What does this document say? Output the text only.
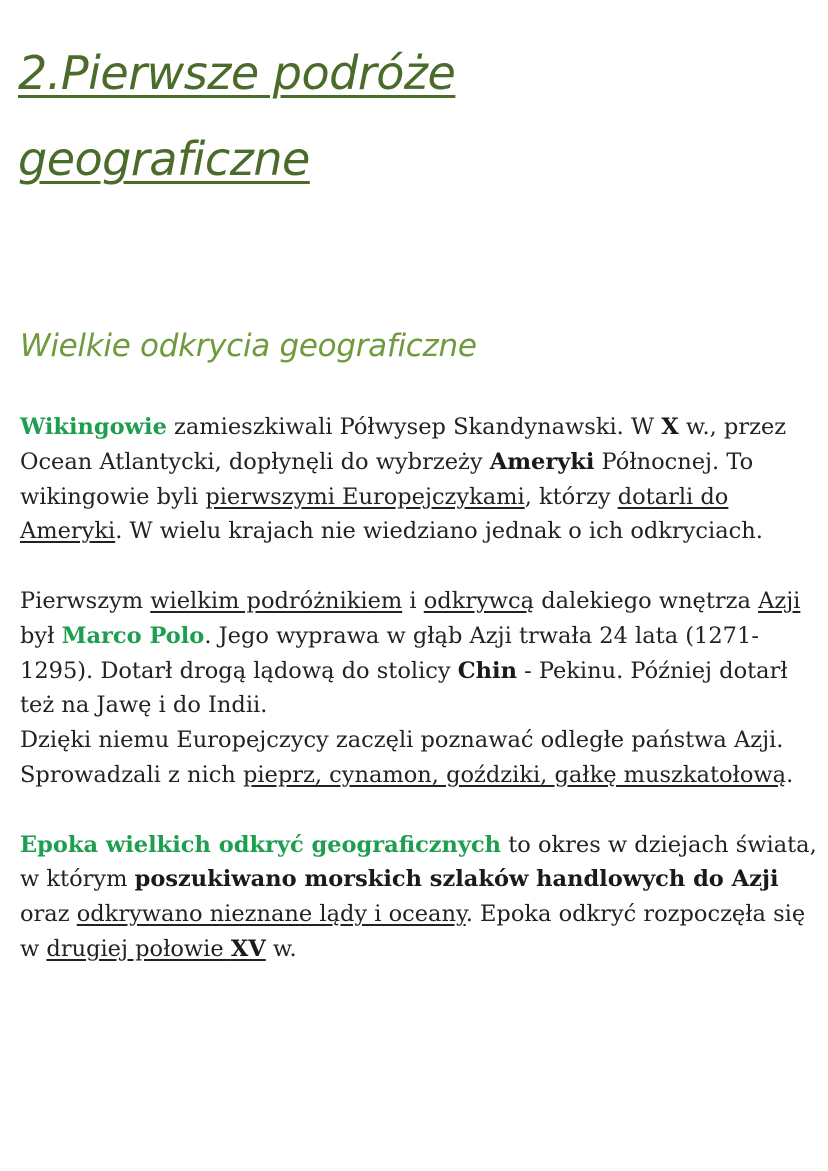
2.Pierwsze podróże geograficzne
Wielkie odkrycia geograficzne

Wikingowie zamieszkiwali Półwysep Skandynawski. W X w., przez Ocean Atlantycki, dopłynęli do wybrzeży Ameryki Północnej. To wikingowie byli pierwszymi Europejczykami, którzy dotarli do Ameryki. W wielu krajach nie wiedziano jednak o ich odkryciach.

Pierwszym wielkim podróżnikiem i odkrywcą dalekiego wnętrza Azji był Marco Polo. Jego wyprawa w głąb Azji trwała 24 lata (1271-1295). Dotarł drogą lądową do stolicy Chin - Pekinu. Później dotarł też na Jawę i do Indii.

Dzięki niemu Europejczycy zaczęli poznawać odległe państwa Azji. Sprowadzali z nich pieprz, cynamon, goździki, gałkę muszkatołową.

Epoka wielkich odkryć geograficznych to okres w dziejach świata, w którym poszukiwano morskich szlaków handlowych do Azji oraz odkrywano nieznane lądy i oceany. Epoka odkryć rozpoczęła się w drugiej połowie XV w.
